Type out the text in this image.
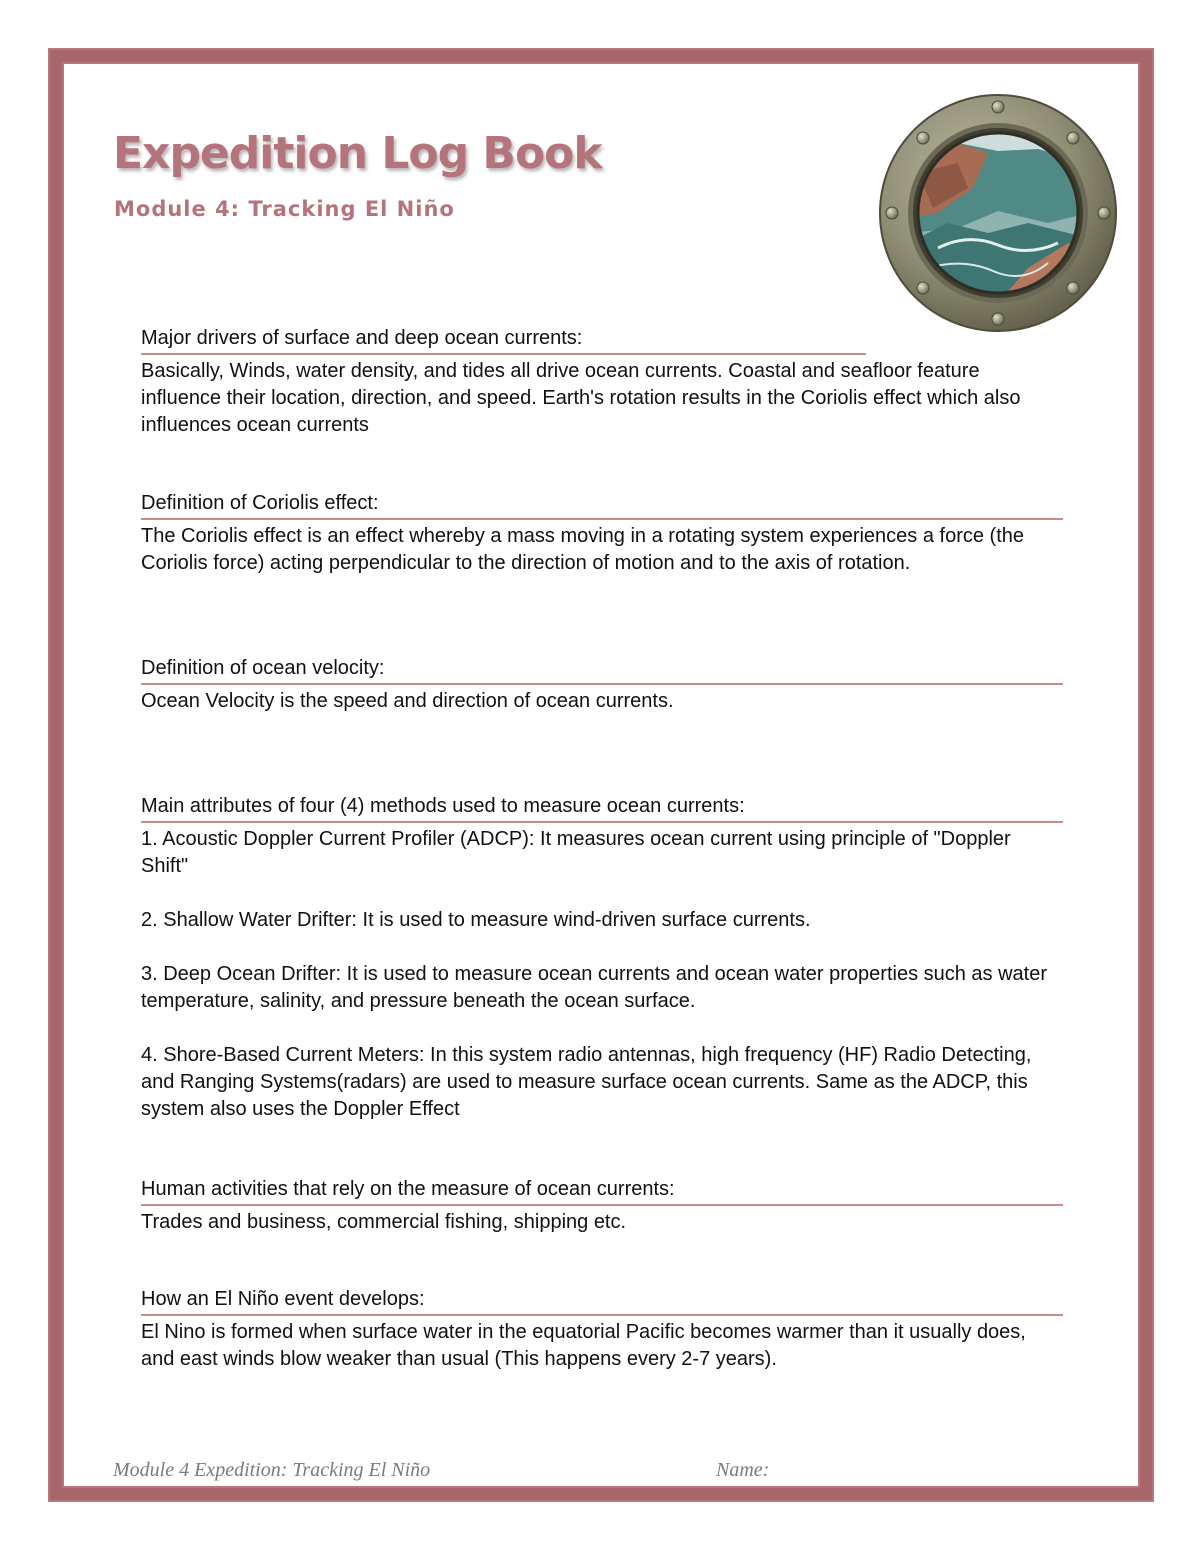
Expedition Log Book
Module 4: Tracking El Niño
Major drivers of surface and deep ocean currents:

Basically, Winds, water density, and tides all drive ocean currents. Coastal and seafloor feature influence their location, direction, and speed. Earth's rotation results in the Coriolis effect which also influences ocean currents

Definition of Coriolis effect:

The Coriolis effect is an effect whereby a mass moving in a rotating system experiences a force (the Coriolis force) acting perpendicular to the direction of motion and to the axis of rotation.

Definition of ocean velocity:

Ocean Velocity is the speed and direction of ocean currents.

Main attributes of four (4) methods used to measure ocean currents:

1. Acoustic Doppler Current Profiler (ADCP): It measures ocean current using principle of "Doppler Shift"

2. Shallow Water Drifter: It is used to measure wind-driven surface currents.

3. Deep Ocean Drifter: It is used to measure ocean currents and ocean water properties such as water temperature, salinity, and pressure beneath the ocean surface.

4. Shore-Based Current Meters: In this system radio antennas, high frequency (HF) Radio Detecting, and Ranging Systems(radars) are used to measure surface ocean currents. Same as the ADCP, this system also uses the Doppler Effect

Human activities that rely on the measure of ocean currents:

Trades and business, commercial fishing, shipping etc.

How an El Niño event develops:

El Nino is formed when surface water in the equatorial Pacific becomes warmer than it usually does, and east winds blow weaker than usual (This happens every 2-7 years).

Module 4 Expedition: Tracking El Niño	Name:
